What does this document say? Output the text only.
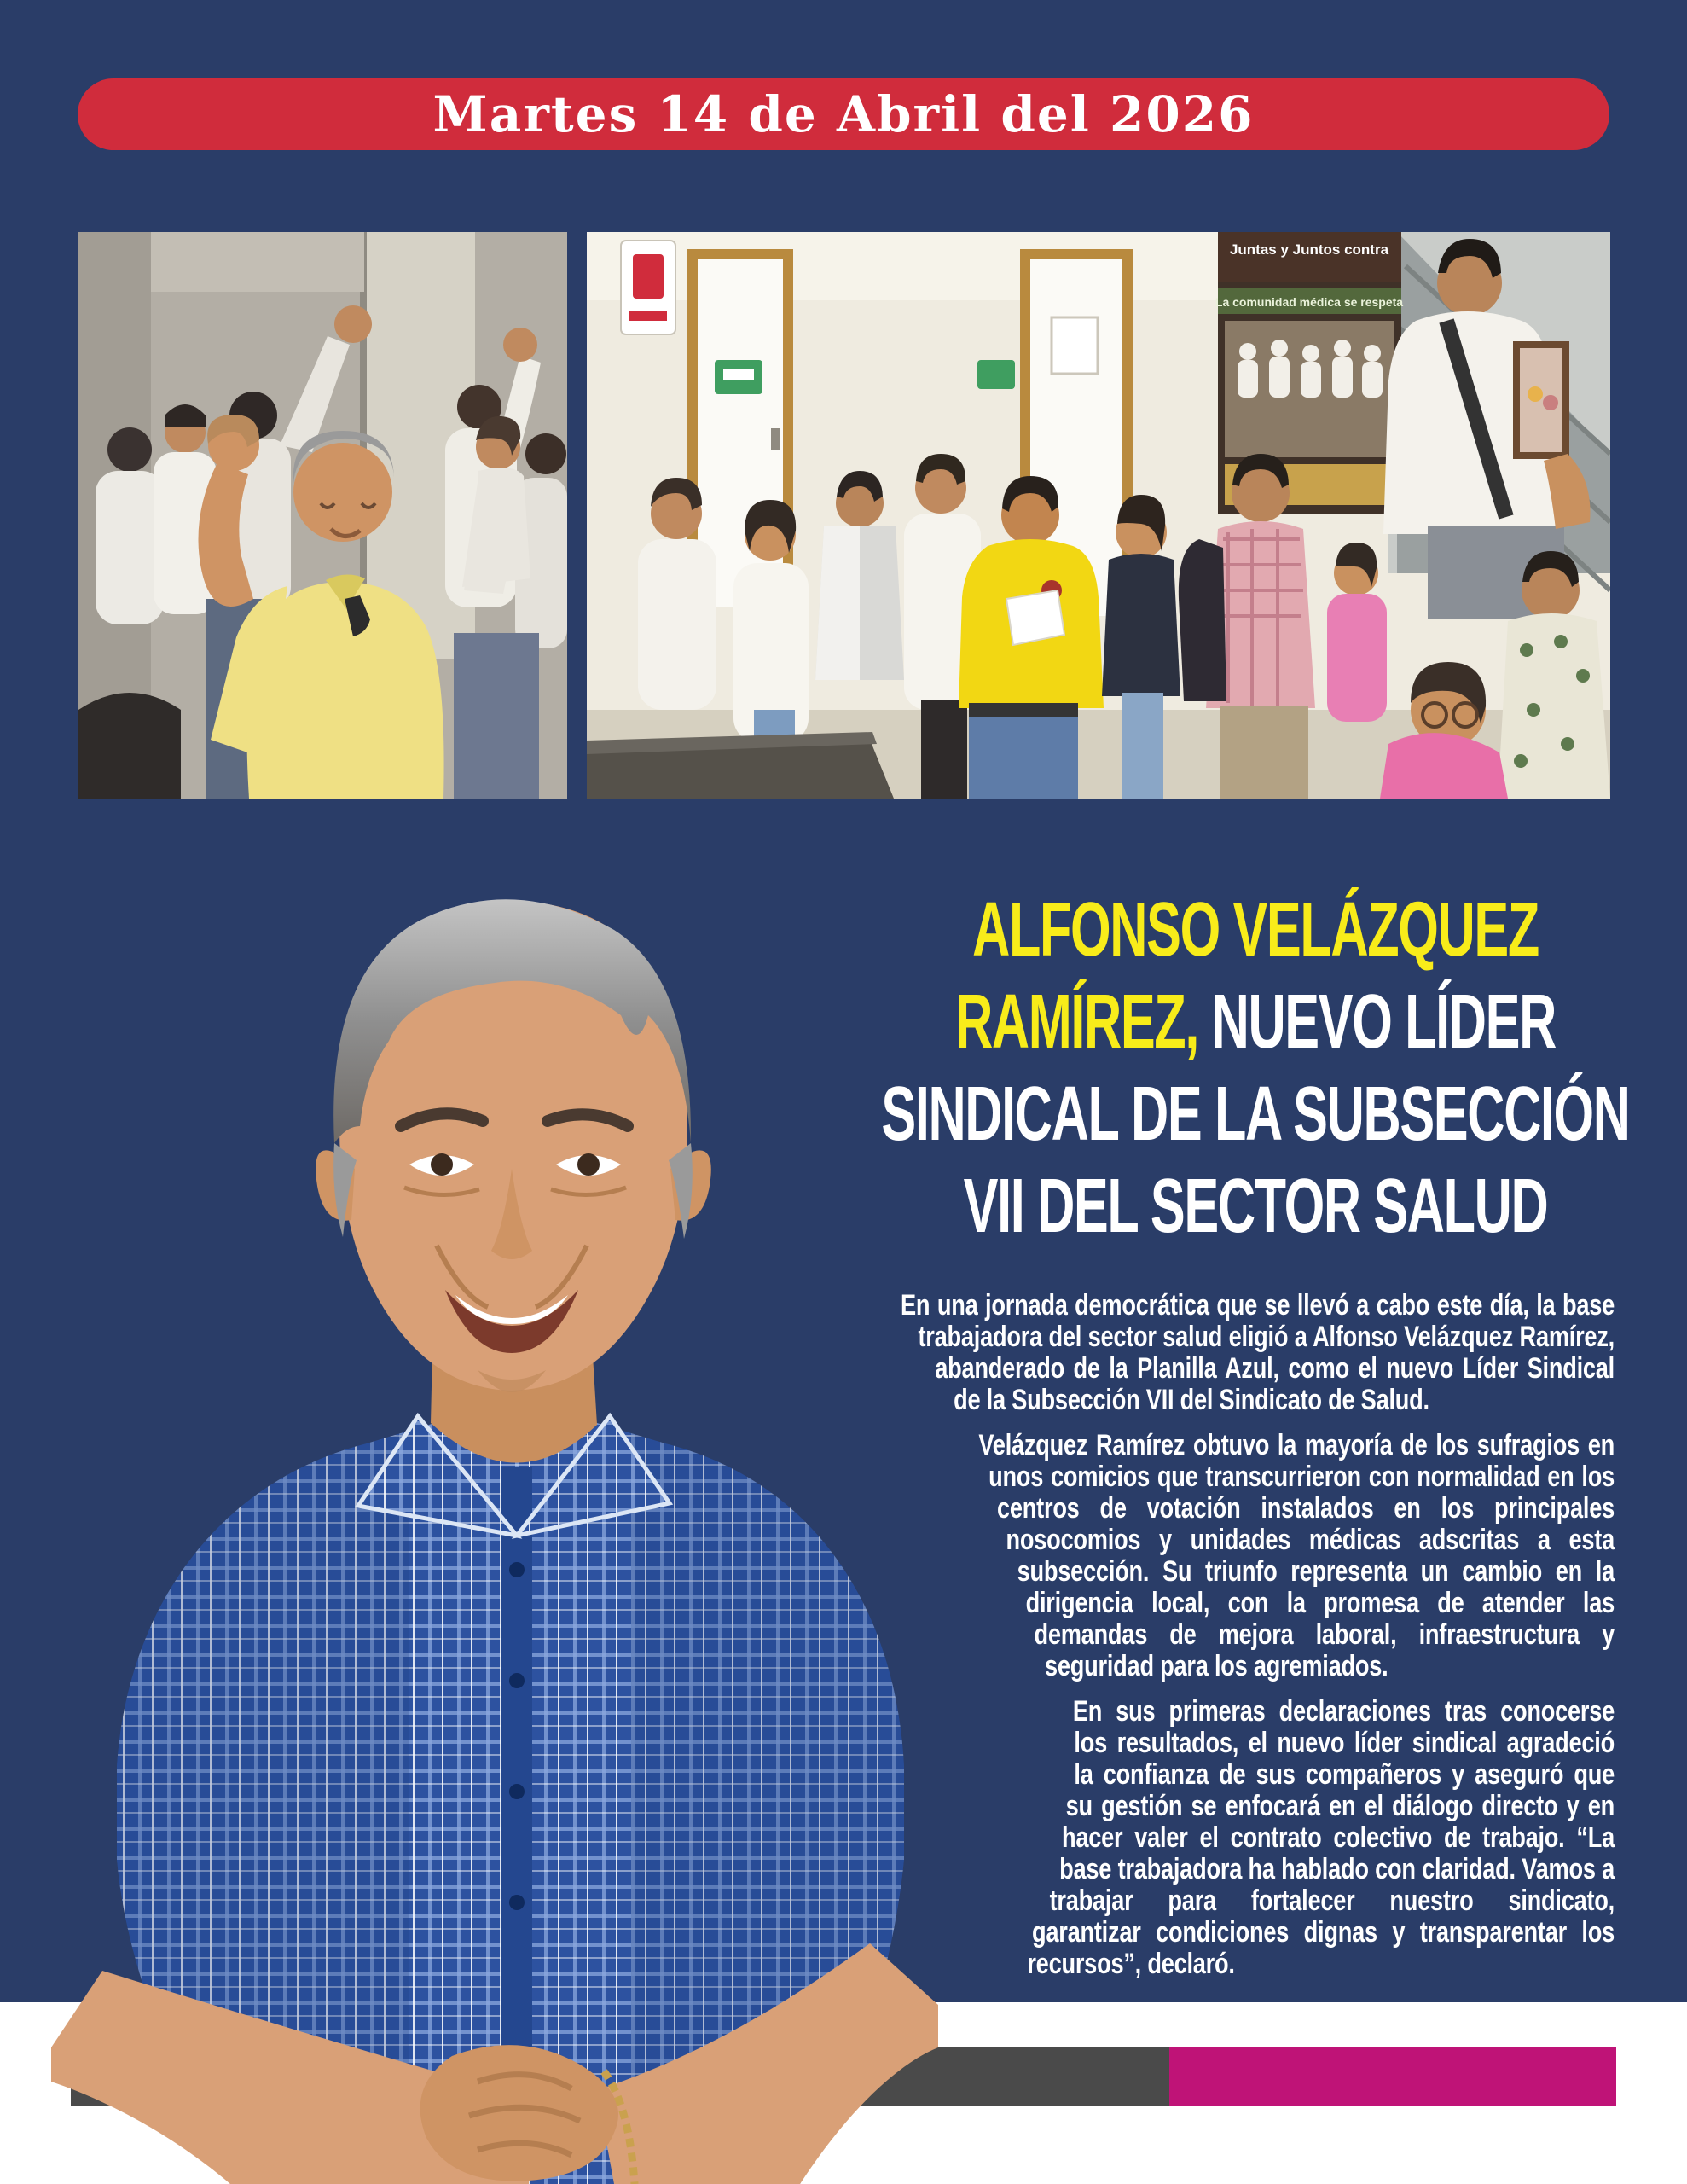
Martes 14 de Abril del 2026
Juntas y Juntos contra
La comunidad médica se respeta
ALFONSO VELÁZQUEZ
RAMÍREZ, NUEVO LÍDER
SINDICAL DE LA SUBSECCIÓN
VII DEL SECTOR SALUD

En una jornada democrática que se llevó a cabo este día, la base trabajadora del sector salud eligió a Alfonso Velázquez Ramírez, abanderado de la Planilla Azul, como el nuevo Líder Sindical de la Subsección VII del Sindicato de Salud.

Velázquez Ramírez obtuvo la mayoría de los sufragios en unos comicios que transcurrieron con normalidad en los centros de votación instalados en los principales nosocomios y unidades médicas adscritas a esta subsección. Su triunfo representa un cambio en la dirigencia local, con la promesa de atender las demandas de mejora laboral, infraestructura y seguridad para los agremiados.

En sus primeras declaraciones tras conocerse los resultados, el nuevo líder sindical agradeció la confianza de sus compañeros y aseguró que su gestión se enfocará en el diálogo directo y en hacer valer el contrato colectivo de trabajo. “La base trabajadora ha hablado con claridad. Vamos a trabajar para fortalecer nuestro sindicato, garantizar condiciones dignas y transparentar los recursos”, declaró.
